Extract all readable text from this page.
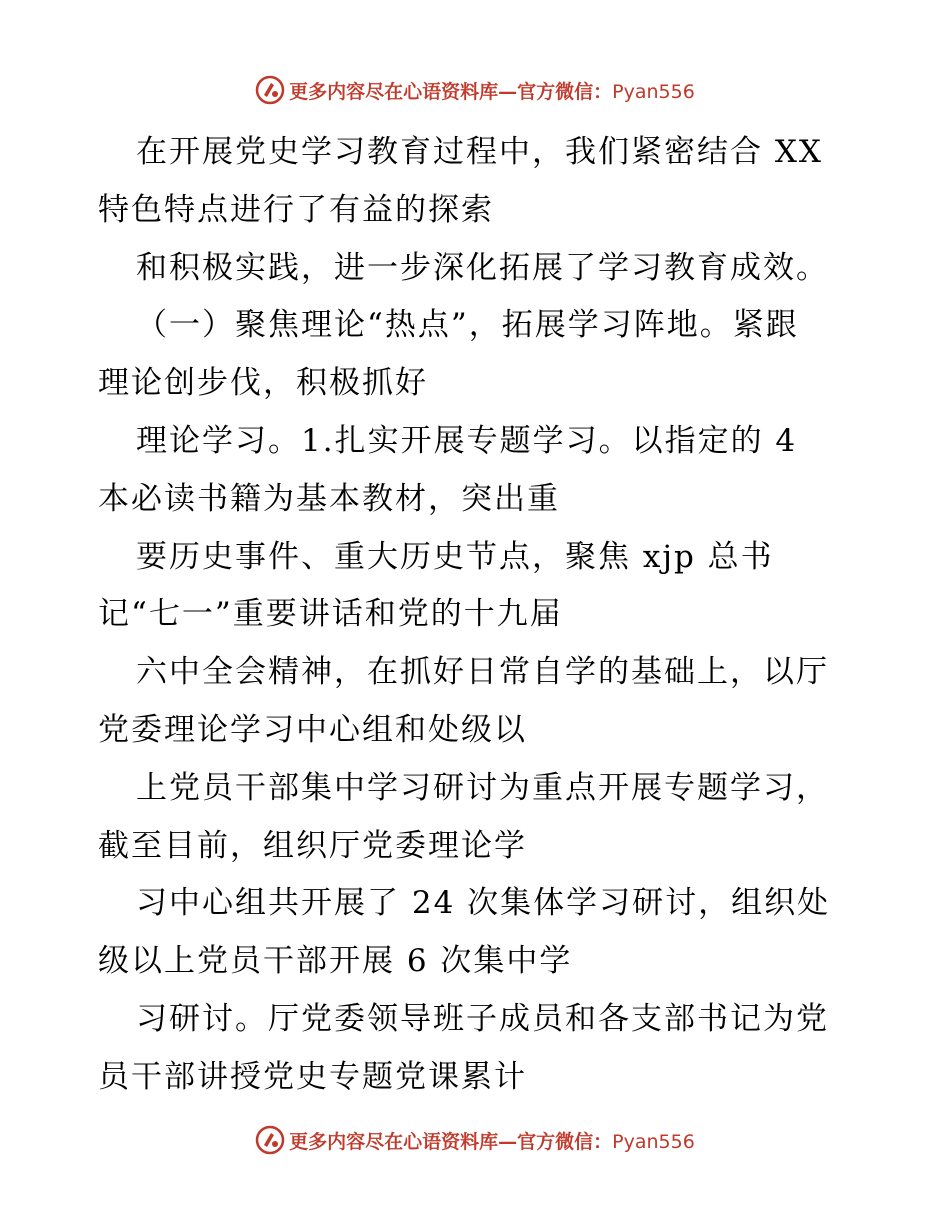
更多内容尽在心语资料库—官方微信：Pyan556
在开展党史学习教育过程中，我们紧密结合 XX
特色特点进行了有益的探索
和积极实践，进一步深化拓展了学习教育成效。
（一）聚焦理论“热点”，拓展学习阵地。紧跟
理论创步伐，积极抓好
理论学习。1.扎实开展专题学习。以指定的 4
本必读书籍为基本教材，突出重
要历史事件、重大历史节点，聚焦 xjp 总书
记“七一”重要讲话和党的十九届
六中全会精神，在抓好日常自学的基础上，以厅
党委理论学习中心组和处级以
上党员干部集中学习研讨为重点开展专题学习，
截至目前，组织厅党委理论学
习中心组共开展了 24 次集体学习研讨，组织处
级以上党员干部开展 6 次集中学
习研讨。厅党委领导班子成员和各支部书记为党
员干部讲授党史专题党课累计
更多内容尽在心语资料库—官方微信：Pyan556
